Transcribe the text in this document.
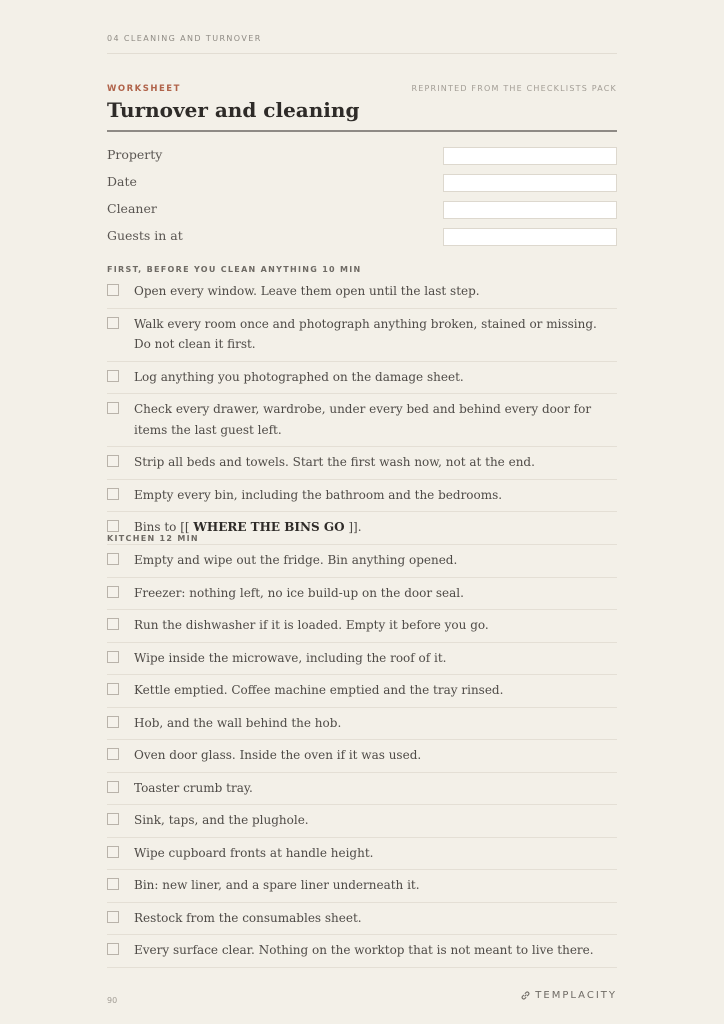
04 CLEANING AND TURNOVER
WORKSHEET	REPRINTED FROM THE CHECKLISTS PACK
Turnover and cleaning
Property
Date
Cleaner
Guests in at
FIRST, BEFORE YOU CLEAN ANYTHING 10 MIN
Open every window. Leave them open until the last step.
Walk every room once and photograph anything broken, stained or missing. Do not clean it first.
Log anything you photographed on the damage sheet.
Check every drawer, wardrobe, under every bed and behind every door for items the last guest left.
Strip all beds and towels. Start the first wash now, not at the end.
Empty every bin, including the bathroom and the bedrooms.
Bins to [[ WHERE THE BINS GO ]].
KITCHEN 12 MIN
Empty and wipe out the fridge. Bin anything opened.
Freezer: nothing left, no ice build-up on the door seal.
Run the dishwasher if it is loaded. Empty it before you go.
Wipe inside the microwave, including the roof of it.
Kettle emptied. Coffee machine emptied and the tray rinsed.
Hob, and the wall behind the hob.
Oven door glass. Inside the oven if it was used.
Toaster crumb tray.
Sink, taps, and the plughole.
Wipe cupboard fronts at handle height.
Bin: new liner, and a spare liner underneath it.
Restock from the consumables sheet.
Every surface clear. Nothing on the worktop that is not meant to live there.
90	TEMPLACITY
